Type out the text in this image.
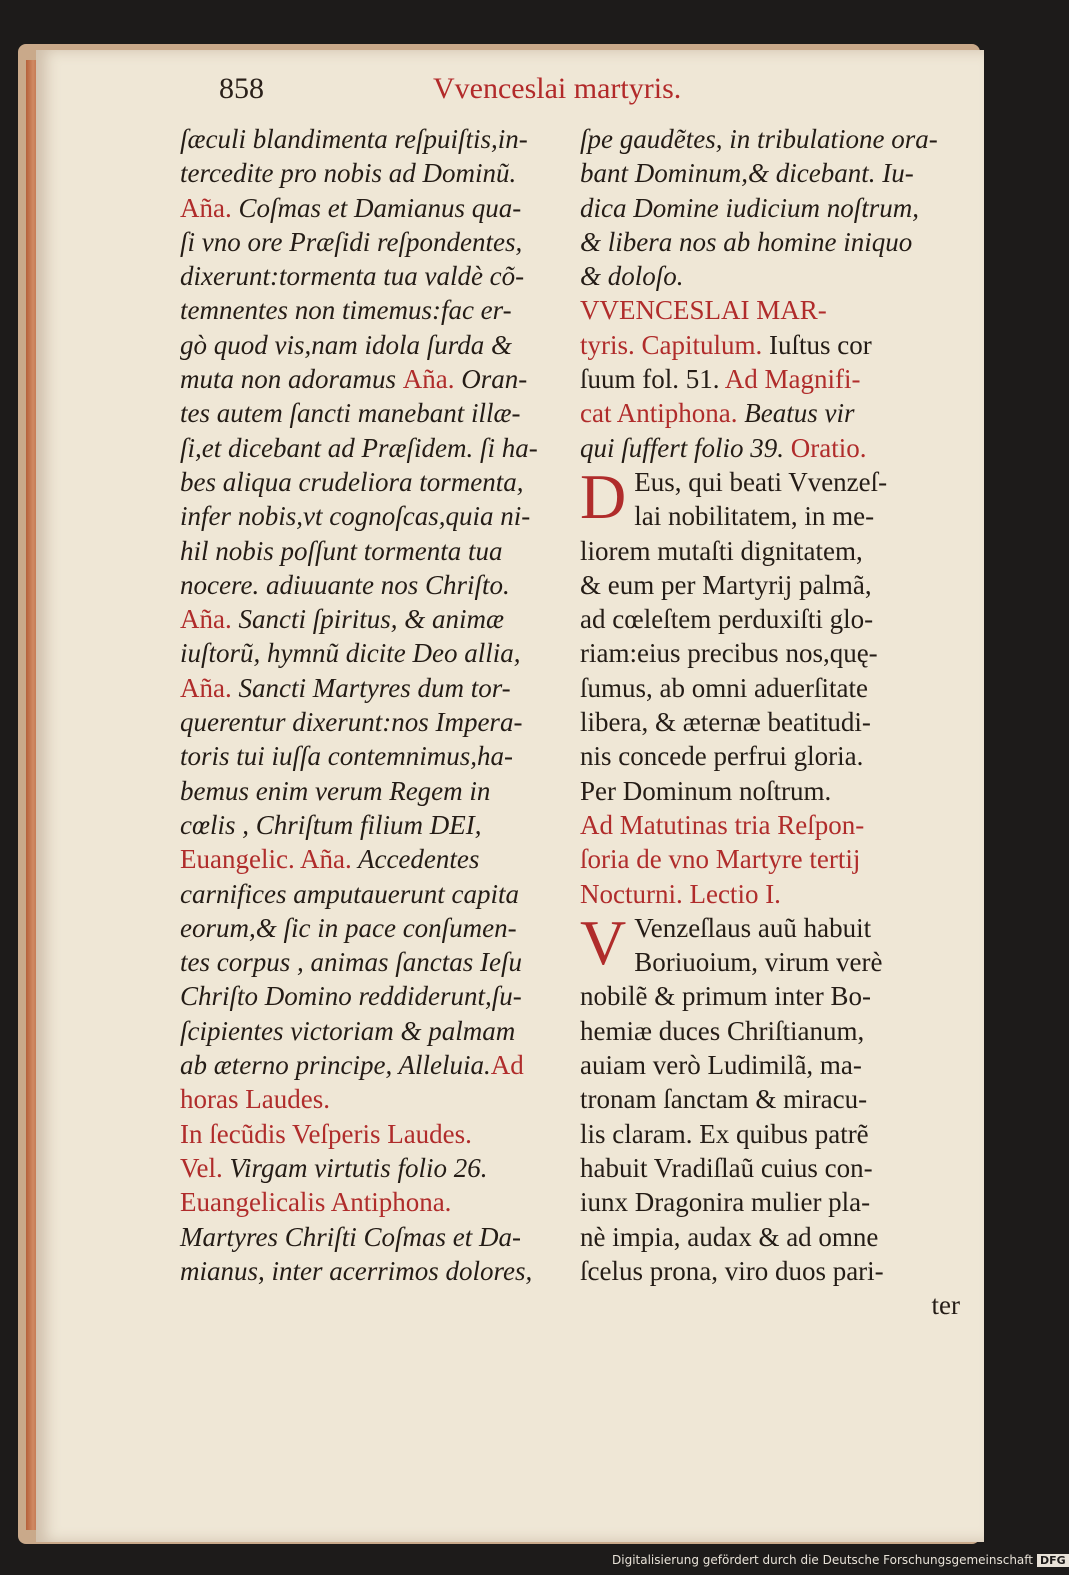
858	Vvenceslai martyris.
ſæculi blandimenta reſpuiſtis,in-
tercedite pro nobis ad Dominũ.
Aña. Coſmas et Damianus qua-
ſi vno ore Præſidi reſpondentes,
dixerunt:tormenta tua valdè cõ-
temnentes non timemus:fac er-
gò quod vis,nam idola ſurda &
muta non adoramus Aña. Oran-
tes autem ſancti manebant illæ-
ſi,et dicebant ad Præſidem. ſi ha-
bes aliqua crudeliora tormenta,
infer nobis,vt cognoſcas,quia ni-
hil nobis poſſunt tormenta tua
nocere. adiuuante nos Chriſto.
Aña. Sancti ſpiritus, & animæ
iuſtorũ, hymnũ dicite Deo allia,
Aña. Sancti Martyres dum tor-
querentur dixerunt:nos Impera-
toris tui iuſſa contemnimus,ha-
bemus enim verum Regem in
cœlis , Chriſtum filium DEI,
Euangelic. Aña. Accedentes
carnifices amputauerunt capita
eorum,& ſic in pace conſumen-
tes corpus , animas ſanctas Ieſu
Chriſto Domino reddiderunt,ſu-
ſcipientes victoriam & palmam
ab æterno principe, Alleluia.Ad
horas Laudes.
In ſecũdis Veſperis Laudes.
Vel. Virgam virtutis folio 26.
Euangelicalis Antiphona.
Martyres Chriſti Coſmas et Da-
mianus, inter acerrimos dolores,
ſpe gaudẽtes, in tribulatione ora-
bant Dominum,& dicebant. Iu-
dica Domine iudicium noſtrum,
& libera nos ab homine iniquo
& doloſo.
VVENCESLAI MAR-
tyris. Capitulum. Iuſtus cor
ſuum fol. 51. Ad Magnifi-
cat Antiphona. Beatus vir
qui ſuffert folio 39. Oratio.
D Eus, qui beati Vvenzeſ-
lai nobilitatem, in me-
liorem mutaſti dignitatem,
& eum per Martyrij palmã,
ad cœleſtem perduxiſti glo-
riam:eius precibus nos,quę-
ſumus, ab omni aduerſitate
libera, & æternæ beatitudi-
nis concede perfrui gloria.
Per Dominum noſtrum.
Ad Matutinas tria Reſpon-
ſoria de vno Martyre tertij
Nocturni. Lectio I.
V Venzeſlaus auũ habuit
Boriuoium, virum verè
nobilẽ & primum inter Bo-
hemiæ duces Chriſtianum,
auiam verò Ludimilã, ma-
tronam ſanctam & miracu-
lis claram. Ex quibus patrẽ
habuit Vradiſlaũ cuius con-
iunx Dragonira mulier pla-
nè impia, audax & ad omne
ſcelus prona, viro duos pari-
ter
Digitalisierung gefördert durch die Deutsche Forschungsgemeinschaft DFG
